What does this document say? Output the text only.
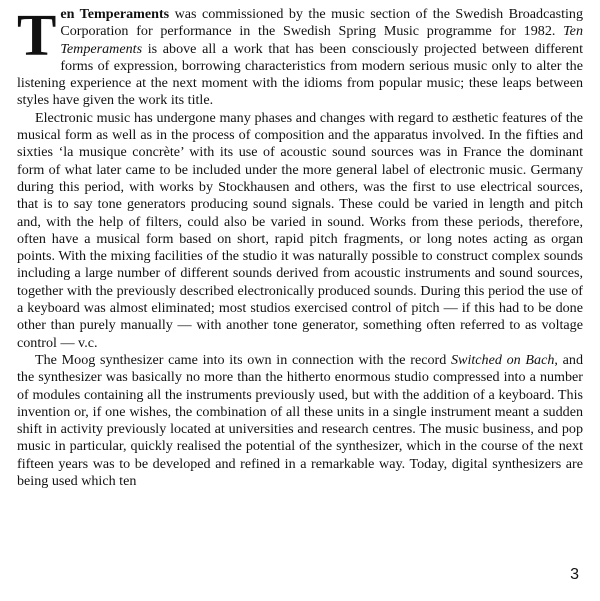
Ten Temperaments was commissioned by the music section of the Swedish Broadcasting Corporation for performance in the Swedish Spring Music programme for 1982. Ten Temperaments is above all a work that has been consciously projected between different forms of expression, borrowing characteristics from modern serious music only to alter the listening experience at the next moment with the idioms from popular music; these leaps between styles have given the work its title.

Electronic music has undergone many phases and changes with regard to æsthetic features of the musical form as well as in the process of composition and the apparatus involved. In the fifties and sixties ‘la musique concrète’ with its use of acoustic sound sources was in France the dominant form of what later came to be included under the more general label of electronic music. Germany during this period, with works by Stockhausen and others, was the first to use electrical sources, that is to say tone generators producing sound signals. These could be varied in length and pitch and, with the help of filters, could also be varied in sound. Works from these periods, therefore, often have a musical form based on short, rapid pitch fragments, or long notes acting as organ points. With the mixing facilities of the studio it was naturally possible to construct complex sounds including a large number of different sounds derived from acoustic instruments and sound sources, together with the previously described electronically produced sounds. During this period the use of a keyboard was almost eliminated; most studios exercised control of pitch — if this had to be done other than purely manually — with another tone generator, something often referred to as voltage control — v.c.

The Moog synthesizer came into its own in connection with the record Switched on Bach, and the synthesizer was basically no more than the hitherto enormous studio compressed into a number of modules containing all the instruments previously used, but with the addition of a keyboard. This invention or, if one wishes, the combination of all these units in a single instrument meant a sudden shift in activity previously located at universities and research centres. The music business, and pop music in particular, quickly realised the potential of the synthesizer, which in the course of the next fifteen years was to be developed and refined in a remarkable way. Today, digital synthesizers are being used which ten

3
